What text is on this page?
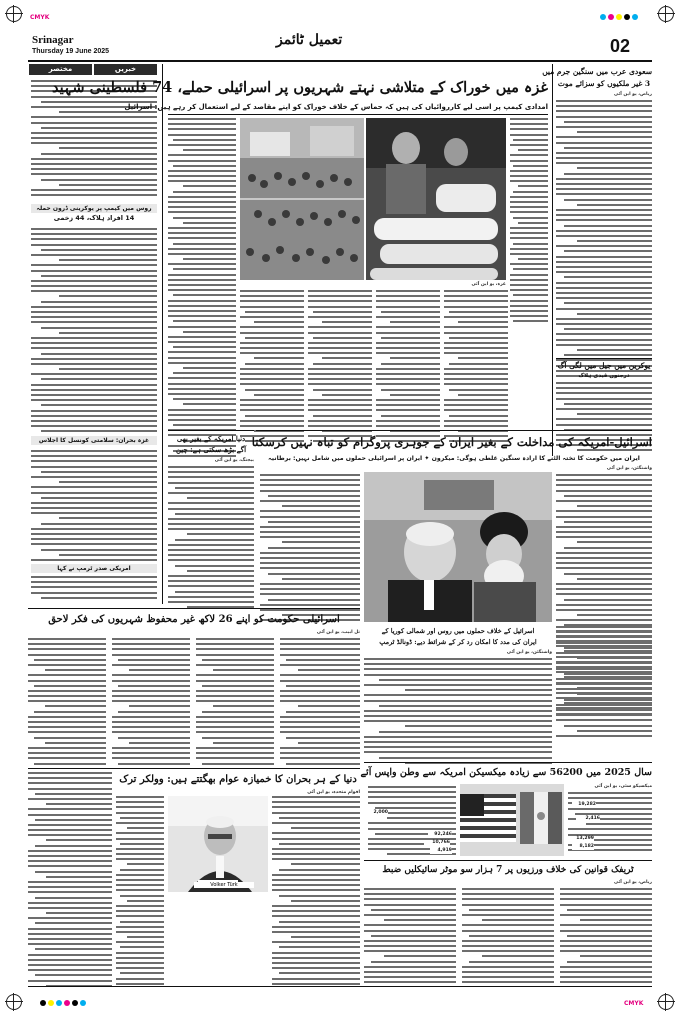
CMYK
CMYK
Srinagar
Thursday 19 June 2025
تعمیل ٹائمز	02
مختصر	خبریں
روس میں کیمپ پر یوکرینی ڈرون حملہ
14 افراد ہلاک، 44 زخمی
غزہ بحران: سلامتی کونسل کا اجلاس
امریکی صدر ٹرمپ نے کہا
غزہ میں خوراک کے متلاشی نہتے شہریوں پر اسرائیلی حملے، 74 فلسطینی شہید
امدادی کیمپ پر اسی لیے کارروائیاں کی ہیں کہ حماس کے خلاف خوراک کو اپنے مقاصد کے لیے استعمال کر رہے ہیں: اسرائیل
غزہ، یو این آئی
سعودی عرب میں سنگین جرم میں
3 غیر ملکیوں کو سزائے موت
ریاض، یو این آئی
یوکرین میں جیل میں لگی آگ
درجنوں قیدی ہلاک
اسرائیل-امریکہ کی مداخلت کے بغیر ایران کے جوہری پروگرام کو تباہ نہیں کرسکتا
ایران میں حکومت کا تختہ الٹنے کا ارادہ سنگین غلطی ہوگی: میکرون ✦ ایران پر اسرائیلی حملوں میں شامل نہیں: برطانیہ
واشنگٹن، یو این آئی
دنیا امریکہ کے بغیر بھی
آگے بڑھ سکتی ہے: چین
بیجنگ، یو این آئی
اسرائیل کے خلاف حملوں میں روس اور شمالی کوریا کے
ایران کی مدد کا امکان رد کر کے شرائط دیے: ڈونالڈ ٹرمپ
واشنگٹن، یو این آئی
اسرائیلی حکومت کو اپنے 26 لاکھ غیر محفوظ شہریوں کی فکر لاحق
تل ابیب، یو این آئی
دنیا کے ہر بحران کا خمیازہ عوام بھگتتے ہیں: وولکر ترک
اقوام متحدہ، یو این آئی
Volker Türk
سال 2025 میں 56200 سے زیادہ میکسیکن امریکہ سے وطن واپس آئے
میکسیکو سٹی، یو این آئی
2,000
92,246
10,766
4,919
19,282
2,416
13,299
8,182
ٹریفک قوانین کی خلاف ورزیوں پر 7 ہزار سو موٹر سائیکلیں ضبط
ریاض، یو این آئی
